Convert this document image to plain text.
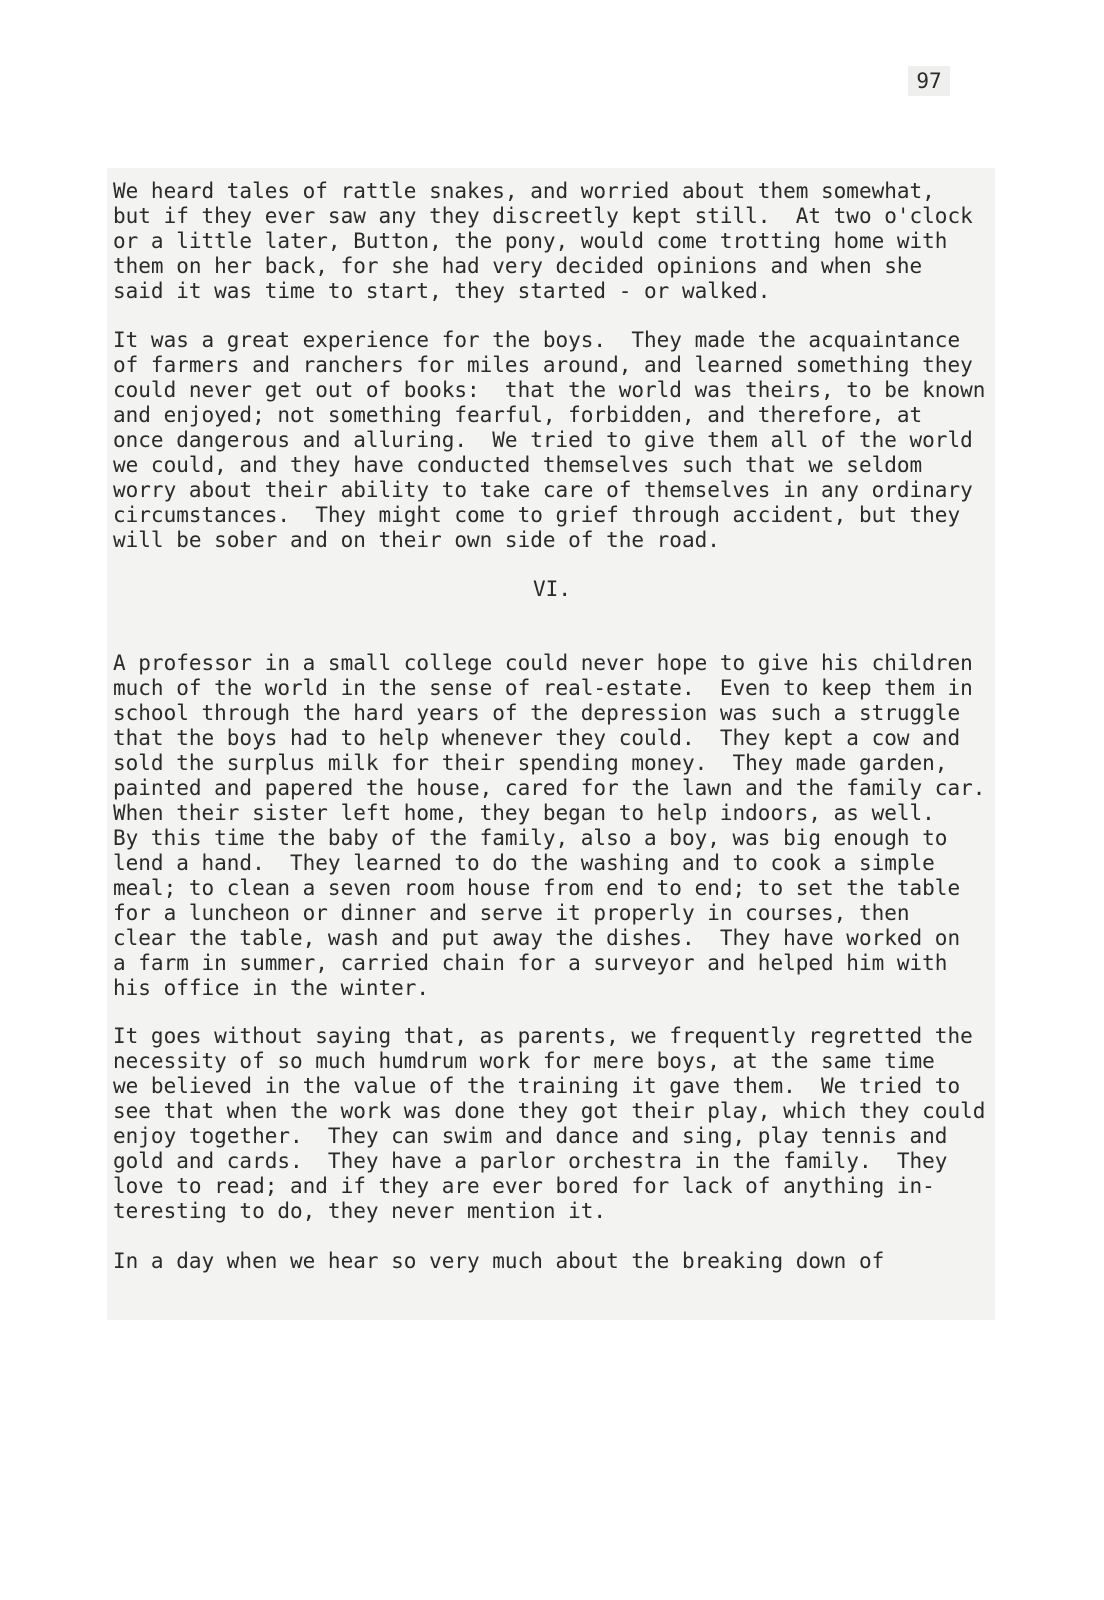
97
We heard tales of rattle snakes, and worried about them somewhat,
but if they ever saw any they discreetly kept still.  At two o'clock
or a little later, Button, the pony, would come trotting home with
them on her back, for she had very decided opinions and when she
said it was time to start, they started - or walked.
It was a great experience for the boys.  They made the acquaintance
of farmers and ranchers for miles around, and learned something they
could never get out of books:  that the world was theirs, to be known
and enjoyed; not something fearful, forbidden, and therefore, at
once dangerous and alluring.  We tried to give them all of the world
we could, and they have conducted themselves such that we seldom
worry about their ability to take care of themselves in any ordinary
circumstances.  They might come to grief through accident, but they
will be sober and on their own side of the road.
VI.
A professor in a small college could never hope to give his children
much of the world in the sense of real-estate.  Even to keep them in
school through the hard years of the depression was such a struggle
that the boys had to help whenever they could.  They kept a cow and
sold the surplus milk for their spending money.  They made garden,
painted and papered the house, cared for the lawn and the family car.
When their sister left home, they began to help indoors, as well.
By this time the baby of the family, also a boy, was big enough to
lend a hand.  They learned to do the washing and to cook a simple
meal; to clean a seven room house from end to end; to set the table
for a luncheon or dinner and serve it properly in courses, then
clear the table, wash and put away the dishes.  They have worked on
a farm in summer, carried chain for a surveyor and helped him with
his office in the winter.
It goes without saying that, as parents, we frequently regretted the
necessity of so much humdrum work for mere boys, at the same time
we believed in the value of the training it gave them.  We tried to
see that when the work was done they got their play, which they could
enjoy together.  They can swim and dance and sing, play tennis and
gold and cards.  They have a parlor orchestra in the family.  They
love to read; and if they are ever bored for lack of anything in-
teresting to do, they never mention it.
In a day when we hear so very much about the breaking down of
